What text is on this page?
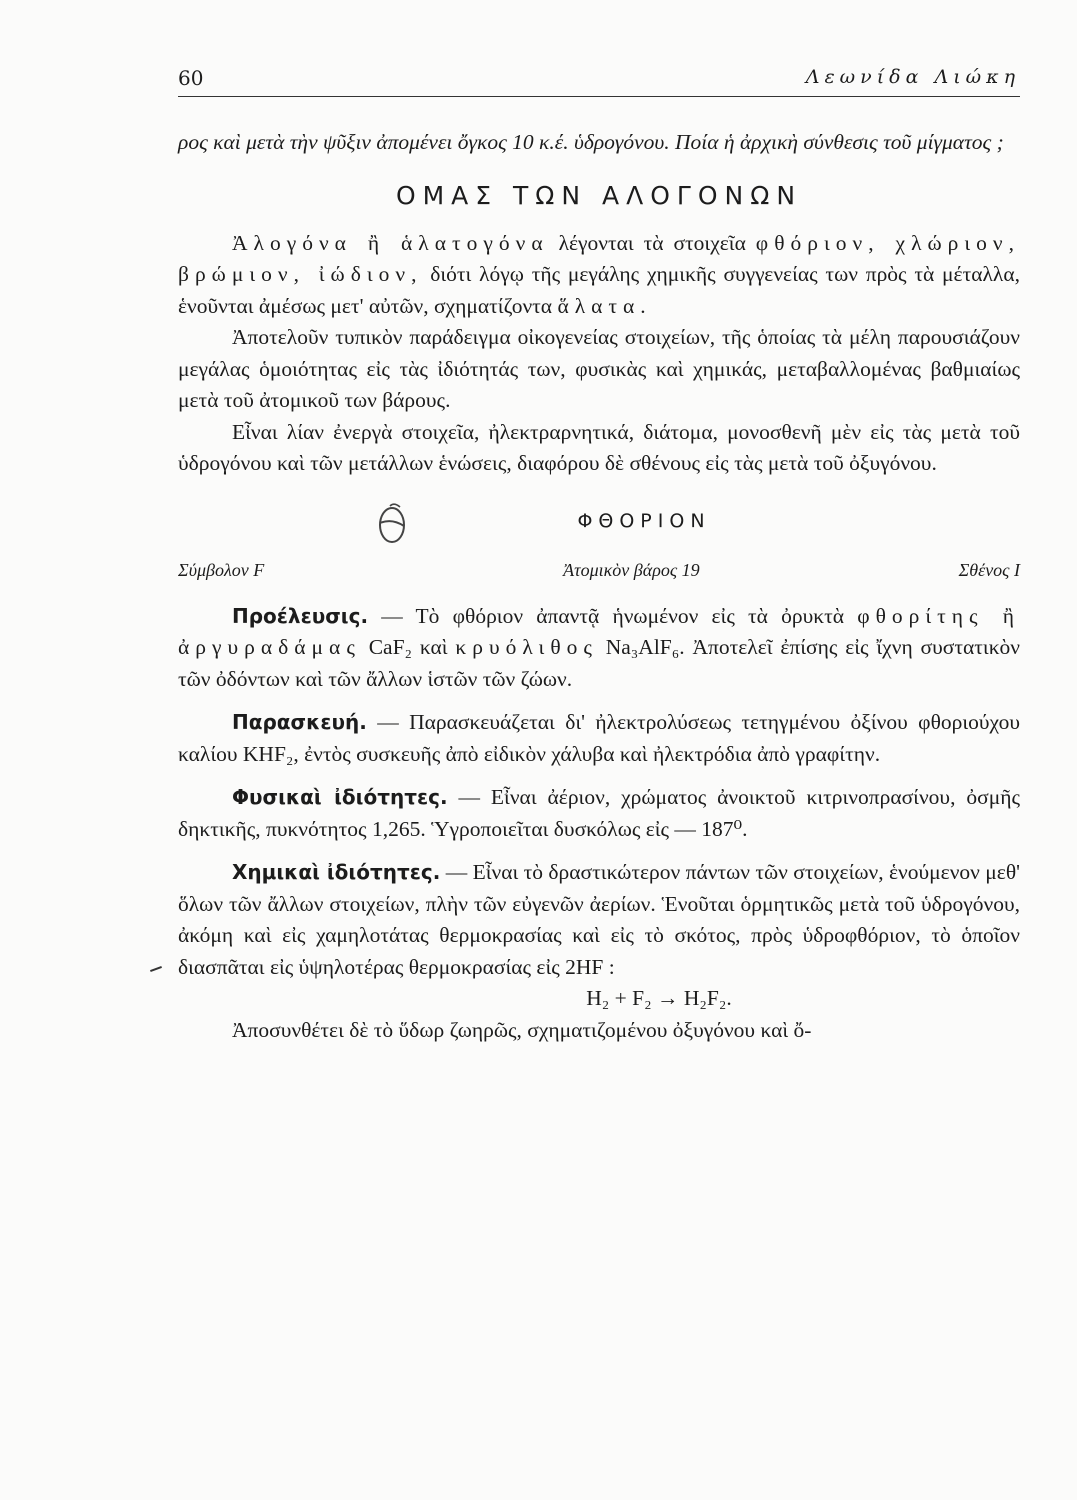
60	Λεωνίδα Λιώκη

ρος καὶ μετὰ τὴν ψῦξιν ἀπομένει ὄγκος 10 κ.έ. ὑδρογόνου. Ποία ἡ ἀρχικὴ σύνθεσις τοῦ μίγματος ;

ΟΜΑΣ ΤΩΝ ΑΛΟΓΟΝΩΝ

Ἀλογόνα ἢ ἁλατογόνα λέγονται τὰ στοιχεῖα φθόριον, χλώριον, βρώμιον, ἰώδιον, διότι λόγῳ τῆς μεγάλης χημικῆς συγγενείας των πρὸς τὰ μέταλλα, ἑνοῦνται ἀμέσως μετ' αὐτῶν, σχηματίζοντα ἅλατα.

Ἀποτελοῦν τυπικὸν παράδειγμα οἰκογενείας στοιχείων, τῆς ὁποίας τὰ μέλη παρουσιάζουν μεγάλας ὁμοιότητας εἰς τὰς ἰδιότητάς των, φυσικὰς καὶ χημικάς, μεταβαλλομένας βαθμιαίως μετὰ τοῦ ἀτομικοῦ των βάρους.

Εἶναι λίαν ἐνεργὰ στοιχεῖα, ἠλεκτραρνητικά, διάτομα, μονοσθενῆ μὲν εἰς τὰς μετὰ τοῦ ὑδρογόνου καὶ τῶν μετάλλων ἑνώσεις, διαφόρου δὲ σθένους εἰς τὰς μετὰ τοῦ ὀξυγόνου.

ΦΘΟΡΙΟΝ
Σύμβολον F	Ἀτομικὸν βάρος 19	Σθένος I

Προέλευσις. — Τὸ φθόριον ἀπαντᾷ ἡνωμένον εἰς τὰ ὀρυκτὰ φθορίτης ἢ ἀργυραδάμας CaF₂ καὶ κρυόλιθος Na₃AlF₆. Ἀποτελεῖ ἐπίσης εἰς ἴχνη συστατικὸν τῶν ὀδόντων καὶ τῶν ἄλλων ἱστῶν τῶν ζώων.

Παρασκευή. — Παρασκευάζεται δι' ἠλεκτρολύσεως τετηγμένου ὀξίνου φθοριούχου καλίου KHF₂, ἐντὸς συσκευῆς ἀπὸ εἰδικὸν χάλυβα καὶ ἠλεκτρόδια ἀπὸ γραφίτην.

Φυσικαὶ ἰδιότητες. — Εἶναι ἀέριον, χρώματος ἀνοικτοῦ κιτρινοπρασίνου, ὀσμῆς δηκτικῆς, πυκνότητος 1,265. Ὑγροποιεῖται δυσκόλως εἰς — 187⁰.

Χημικαὶ ἰδιότητες. — Εἶναι τὸ δραστικώτερον πάντων τῶν στοιχείων, ἑνούμενον μεθ' ὅλων τῶν ἄλλων στοιχείων, πλὴν τῶν εὐγενῶν ἀερίων. Ἑνοῦται ὁρμητικῶς μετὰ τοῦ ὑδρογόνου, ἀκόμη καὶ εἰς χαμηλοτάτας θερμοκρασίας καὶ εἰς τὸ σκότος, πρὸς ὑδροφθόριον, τὸ ὁποῖον διασπᾶται εἰς ὑψηλοτέρας θερμοκρασίας εἰς 2HF :

H₂ + F₂ → H₂F₂.

Ἀποσυνθέτει δὲ τὸ ὕδωρ ζωηρῶς, σχηματιζομένου ὀξυγόνου καὶ ὄ-
